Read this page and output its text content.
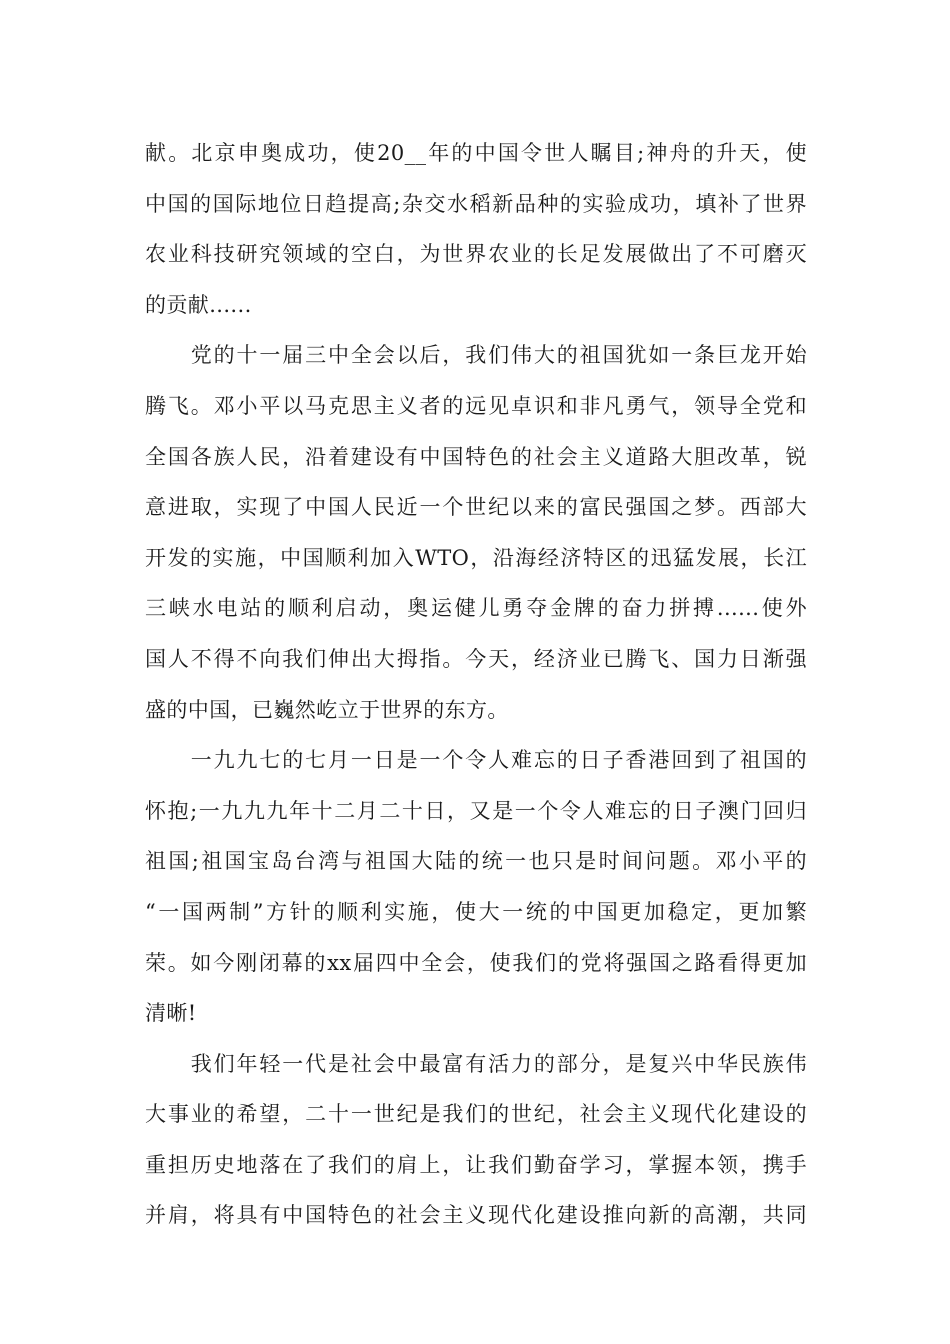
献。北京申奥成功，使20__年的中国令世人瞩目;神舟的升天，使
中国的国际地位日趋提高;杂交水稻新品种的实验成功，填补了世界
农业科技研究领域的空白，为世界农业的长足发展做出了不可磨灭
的贡献......
　　党的十一届三中全会以后，我们伟大的祖国犹如一条巨龙开始
腾飞。邓小平以马克思主义者的远见卓识和非凡勇气，领导全党和
全国各族人民，沿着建设有中国特色的社会主义道路大胆改革，锐
意进取，实现了中国人民近一个世纪以来的富民强国之梦。西部大
开发的实施，中国顺利加入WTO，沿海经济特区的迅猛发展，长江
三峡水电站的顺利启动，奥运健儿勇夺金牌的奋力拼搏......使外
国人不得不向我们伸出大拇指。今天，经济业已腾飞、国力日渐强
盛的中国，已巍然屹立于世界的东方。
　　一九九七的七月一日是一个令人难忘的日子香港回到了祖国的
怀抱;一九九九年十二月二十日，又是一个令人难忘的日子澳门回归
祖国;祖国宝岛台湾与祖国大陆的统一也只是时间问题。邓小平的
“一国两制”方针的顺利实施，使大一统的中国更加稳定，更加繁
荣。如今刚闭幕的xx届四中全会，使我们的党将强国之路看得更加
清晰!
　　我们年轻一代是社会中最富有活力的部分，是复兴中华民族伟
大事业的希望，二十一世纪是我们的世纪，社会主义现代化建设的
重担历史地落在了我们的肩上，让我们勤奋学习，掌握本领，携手
并肩，将具有中国特色的社会主义现代化建设推向新的高潮，共同
